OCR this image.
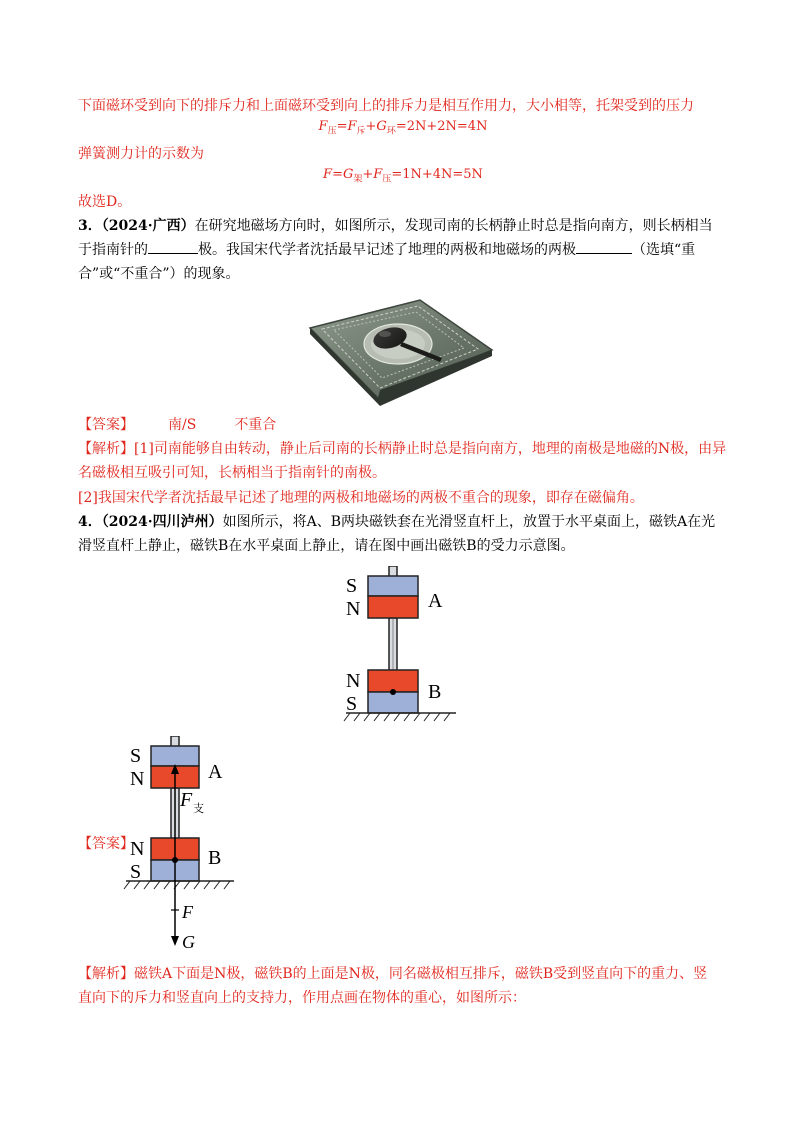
下面磁环受到向下的排斥力和上面磁环受到向上的排斥力是相互作用力，大小相等，托架受到的压力
$F_压=F_斥+G_环=2N+2N=4N$
弹簧测力计的示数为
$F=G_架+F_压=1N+4N=5N$
故选D。
3．（2024·广西）在研究地磁场方向时，如图所示，发现司南的长柄静止时总是指向南方，则长柄相当
于指南针的	极。我国宋代学者沈括最早记述了地理的两极和地磁场的两极	（选填“重
合”或“不重合”）的现象。
【答案】 南/S	不重合
【解析】[1]司南能够自由转动，静止后司南的长柄静止时总是指向南方，地理的南极是地磁的N极，由异
名磁极相互吸引可知，长柄相当于指南针的南极。
[2]我国宋代学者沈括最早记述了地理的两极和地磁场的两极不重合的现象，即存在磁偏角。
4．（2024·四川泸州）如图所示，将A、B两块磁铁套在光滑竖直杆上，放置于水平桌面上，磁铁A在光
滑竖直杆上静止，磁铁B在水平桌面上静止，请在图中画出磁铁B的受力示意图。
S
N	A
N
S
B
【答案】
S
N	A
N
S
B
F 支
F
G
【解析】磁铁A下面是N极，磁铁B的上面是N极，同名磁极相互排斥，磁铁B受到竖直向下的重力、竖
直向下的斥力和竖直向上的支持力，作用点画在物体的重心，如图所示：
